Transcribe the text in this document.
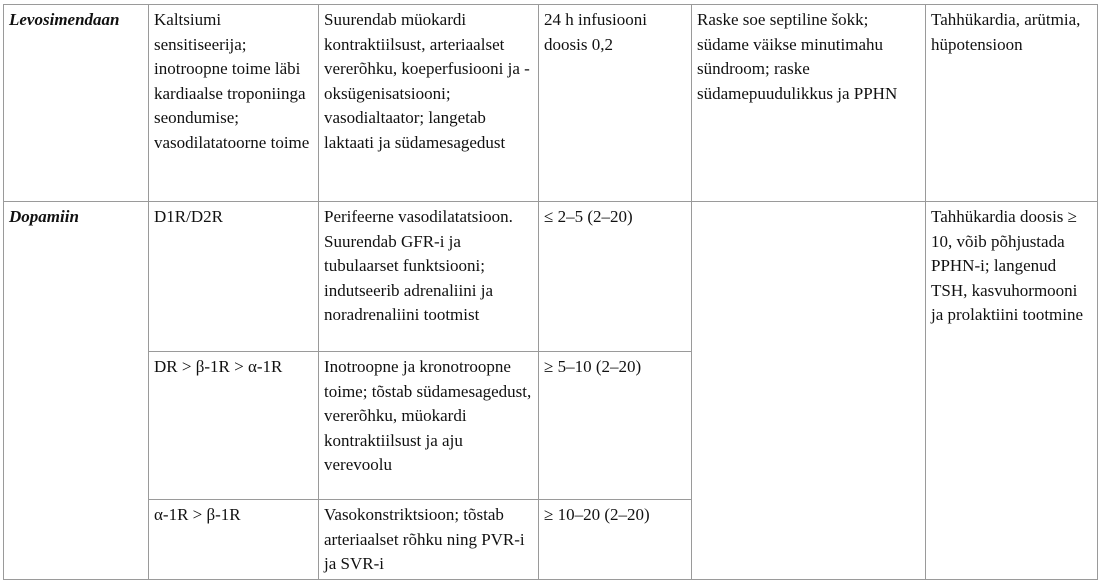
Levosimendaan	Kaltsiumi sensitiseerija; inotroopne toime läbi kardiaalse troponiinga seondumise; vasodilatatoorne toime	Suurendab müokardi kontraktiilsust, arteriaalset vererõhku, koeperfusiooni ja -oksügenisatsiooni; vasodialtaator; langetab laktaati ja südamesagedust	24 h infusiooni doosis 0,2	Raske soe septiline šokk; südame väikse minutimahu sündroom; raske südamepuudulikkus ja PPHN	Tahhükardia, arütmia, hüpotensioon

Dopamiin	D1R/D2R	Perifeerne vasodilatatsioon. Suurendab GFR-i ja tubulaarset funktsiooni; indutseerib adrenaliini ja noradrenaliini tootmist	≤ 2–5 (2–20)		Tahhükardia doosis ≥ 10, võib põhjustada PPHN-i; langenud TSH, kasvuhormooni ja prolaktiini tootmine

	DR > β-1R > α-1R	Inotroopne ja kronotroopne toime; tõstab südamesagedust, vererõhku, müokardi kontraktiilsust ja aju verevoolu	≥ 5–10 (2–20)		

	α-1R > β-1R	Vasokonstriktsioon; tõstab arteriaalset rõhku ning PVR-i ja SVR-i	≥ 10–20 (2–20)		
